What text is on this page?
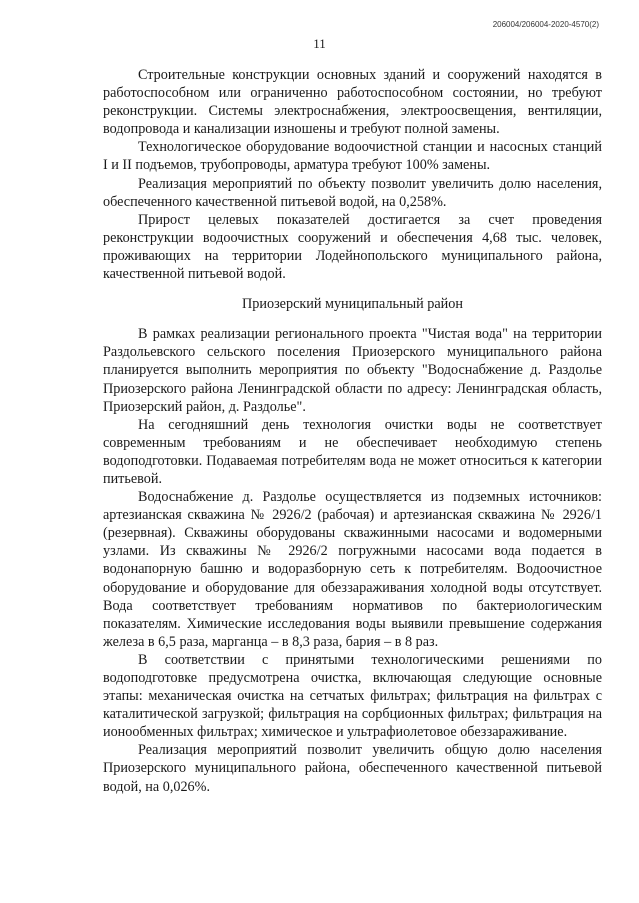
206004/206004-2020-4570(2)
11

Строительные конструкции основных зданий и сооружений находятся в работоспособном или ограниченно работоспособном состоянии, но требуют реконструкции. Системы электроснабжения, электроосвещения, вентиляции, водопровода и канализации изношены и требуют полной замены.

Технологическое оборудование водоочистной станции и насосных станций I и II подъемов, трубопроводы, арматура требуют 100% замены.

Реализация мероприятий по объекту позволит увеличить долю населения, обеспеченного качественной питьевой водой, на 0,258%.

Прирост целевых показателей достигается за счет проведения реконструкции водоочистных сооружений и обеспечения 4,68 тыс. человек, проживающих на территории Лодейнопольского муниципального района, качественной питьевой водой.

Приозерский муниципальный район

В рамках реализации регионального проекта "Чистая вода" на территории Раздольевского сельского поселения Приозерского муниципального района планируется выполнить мероприятия по объекту "Водоснабжение д. Раздолье Приозерского района Ленинградской области по адресу: Ленинградская область, Приозерский район, д. Раздолье".

На сегодняшний день технология очистки воды не соответствует современным требованиям и не обеспечивает необходимую степень водоподготовки. Подаваемая потребителям вода не может относиться к категории питьевой.

Водоснабжение д. Раздолье осуществляется из подземных источников: артезианская скважина № 2926/2 (рабочая) и артезианская скважина № 2926/1 (резервная). Скважины оборудованы скважинными насосами и водомерными узлами. Из скважины № 2926/2 погружными насосами вода подается в водонапорную башню и водоразборную сеть к потребителям. Водоочистное оборудование и оборудование для обеззараживания холодной воды отсутствует. Вода соответствует требованиям нормативов по бактериологическим показателям. Химические исследования воды выявили превышение содержания железа в 6,5 раза, марганца – в 8,3 раза, бария – в 8 раз.

В соответствии с принятыми технологическими решениями по водоподготовке предусмотрена очистка, включающая следующие основные этапы: механическая очистка на сетчатых фильтрах; фильтрация на фильтрах с каталитической загрузкой; фильтрация на сорбционных фильтрах; фильтрация на ионообменных фильтрах; химическое и ультрафиолетовое обеззараживание.

Реализация мероприятий позволит увеличить общую долю населения Приозерского муниципального района, обеспеченного качественной питьевой водой, на 0,026%.
